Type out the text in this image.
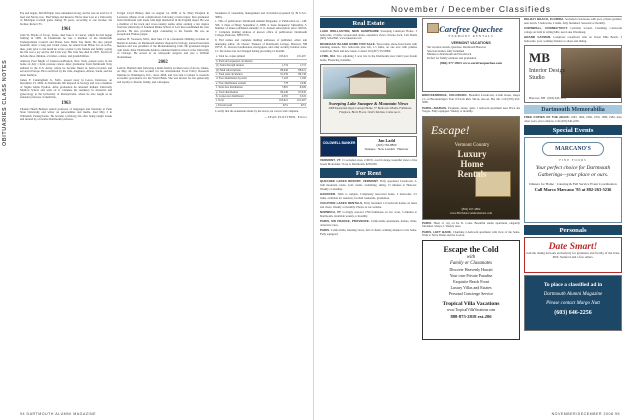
OBITUARIES CLASS NOTES

Fae and began, Jim Mclligan were uninamed strong, and he was an avid lot of feed and Nat he was . Bud Wings and Reserve. He he later Law at a University of Michigan football game during 30 years, according to one brother, his brother. Robert '35.

1961

John W. Hoyde of Troop, Texas, died June 6 of cancer, which he had begun battling in 1985. In Dartmouth he was a member of the Dartmouth Undergraduate Council and Bones Gate Delta Tau Delta. He also played baseball. After a long and varied career, he retired from Haber for an active, then, joint prior to his death he wrote a letter to his friends and family saying his life was a joy and he did it his way. His wife Sue died in 1997. Survivors include three children, a brother, a sister, and grandchildren.

Anthony Paul Might of Gideon-on-Hudson, New York, passed away in his home on July 1 from prostate cancer. After graduation from Dartmouth Tony enlisted in the U.S. Army, where he became fluent in Serbo-Croatian and served in Europe. He is survived by his wife, daughters, Alison, Sarah, and his sister Kathryn.

James F. Cunningham Jr., M.D., passed away in Lenox, Delaware, on December 23, 2006. At Dartmouth Jim majored in biology and was a member of Sigma Alpha Epsilon. After graduation he attended Indiana University Medical School and went on to complete his residency in obstetrics and gynecology at the University of Pennsylvania, where he also taught as an assistant professor of medicine.

1963

Thomas Heath Bennett retired professor of languages and literature at Penn State University and writer on personalities and media, died May 2 in Whitehall, Pennsylvania. He became a lifelong fan after being taught Greek and tutored by a favorite Dartmouth professor.

Tortgel Lloyd Bishop died on August 14, 2008, at St. Mary Hospital in Lewiston, Maine, from complications following a brain injury. Ron graduated from Dartmouth cum laude with high distinction in his English major. He was a member of the track and cross-country teams. After earning a law degree from the University of Southern Maine School of Law Ron established his own practice. He also provided legal counseling to his friends. He was an exceptional Frisbee player.

Andrew H. Swanson, M.D., died June 15 in a mountain climbing accident on Denali in Alaska. At Dartmouth Andrew majored in biology, earned honorable mention and was president of the Mountaineering Club. He graduated magna cum laude. After Dartmouth Andrew attended medical school at the University of Chicago. He served as an orthopedic surgeon and was a brilliant mountaineer.

2002

Leah K. Hamatti died following a multi-fatality accident west of Accra, Ghana, on May 24. She had worked for the International Food Policy Research Institute in Washington, D.C., since 2006, and was sent to Ghana to research economic governance for the World Bank. She was known for her generosity and loyalty to friends, family, and colleagues.

Statement of ownership, management and circulation (required by 39 U.S.C. 3685).

1. Title of publication: Dartmouth Alumni Magazine. 2. Publication no.: 148-560. 3. Date of filing: September 2, 2008. 4. Issue frequency: bimonthly. 5. Number of issues published annually: 6. 6. Annual subscription price: $29.95. 7. Complete mailing address of known office of publication: Dartmouth College, Hanover, NH 03755.

9. Full names and complete mailing addresses of publisher, editor and managing editor. 10. Owner: Trustees of Dartmouth College, Hanover, NH 03755. 11. Known bondholders, mortgagees, and other security holders: none. 12. Tax status: has not changed during preceding 12 months.

a. Total no. copies printed	103,621	101,267
b. Paid and requested circulation		
(1) Sales through dealers	1,719	1,715
(2) Mail subscriptions	89,640	88,021
c. Total paid circulation	91,359	89,736
d. Free distribution by mail	7,103	7,160
e. Free distribution outside	778	1,049
f. Total free distribution	7,881	8,209
g. Total distribution	99,240	97,945
h. Copies not distributed	4,381	3,322
i. Total	103,621	101,267
j. Percent paid	92%	92%

I certify that the statements made by me above are correct and complete.

—SEAN PLOTTNER, Editor
94 DARTMOUTH ALUMNI MAGAZINE
November / December Classifieds
Real Estate
LAKE WOLLASTON, NEW HAMPSHIRE Sweeping Lakefront Home. 3 bedrooms, 2 baths, wraparound decks, expansive views. Private dock. Call Sheila (603) 526-6560. www.lakeside.com
MOHEGAN ISLAND HOME FOR SALE. Year-round, shore-front home with stunning sunsets. Two bedrooms plus loft, 1.5 baths, on one acre with pristine waterfront. Barn and new sauna. Contact Jill (207) 372-8900.
LYME, NH. Two adjoining 5 acre lots in the Dartmouth area; build your dream home. Financing available.
Sweeping Lake Sunapee & Mountain Views
2008 Equestrian Open Concept Home. 5+ Bedroom 4 Baths. Fieldstone Fireplace, Birch Floors. Chef's Kitchen. Come see it.
COLDWELL BANKER	Jan Ladd
(603) 763-8800
Sunapee · New London · Hanover
VERMONT, VT. 15 secluded acres, 2,300 ft. road frontage, beautiful views of the Green Mountains. Close to Dartmouth. $239,000.
For Rent
QUECHEE LAKES RESORT, VERMONT. Fully appointed 3-bedroom, 3-bath mountain condo. Golf, tennis, swimming, skiing. 15 minutes to Hanover. Weekly or monthly.
HANOVER. Walk to campus. Completely renovated home, 4 bedrooms, 2.5 baths, available for reunions, football weekends, graduation.
VACATION LAKES RENTALS. Fully furnished 1-6 bedroom homes on lakes and rivers. Weekly or monthly. Photos at our website.
NORWICH, VT. Lovingly restored 1790 farmhouse on two acres, 5 minutes to Dartmouth. Available weekly or monthly.
PARIS, SW FRANCE, PROVENCE. Comfortable apartments, homes, villas. Attractive rates.
PARIS. Comfortable, amazing views, full of charm, walking distance to the Seine. Fully equipped.
Carefree Quechee
VERMONT RENTALS
VERMONT VACATIONS
Ski vacation rentals, Quechee, Dartmouth Hanover
Spacious homes, fully furnished
Minutes to Dartmouth and Woodstock
Perfect for family reunions and graduation
(866) 577-4963 www.carefreequechee.com
BRECKENRIDGE, COLORADO. Beautiful 4-bedroom, 4-bath house, sleeps 12, on Breckenridge's Four O'Clock Run. Ski-in, ski-out. Hot tub. Call (970) 453-5000.
PARIS—MARAIS. Exquisite, sunny, quiet, 1 bedroom apartment near Place des Vosges. Fully equipped. Weekly or monthly.
Escape!
Vermont Country
Luxury
Home
Rentals
(802) 457-4804
www.Birch4Accommodations.com
PARIS. Heart of city on Ile St. Louis. Beautiful studio apartment, elegantly furnished. Sleeps 2. Weekly rates.
PARIS, LEFT BANK. Charming 2-bedroom apartment with view of the Seine. Walk to Notre Dame and the Louvre.
Escape the Cold
with
Family or Classmates
Discover Heavenly Hawaii
Your own Private Paradise
Exquisite Beach Front
Luxury Villas and Estates
Personal Concierge Service
Tropical Villa Vacations
www.TropicalVillaVacations.com
888-875-2818 ext.206
DELRAY BEACH, FLORIDA. Secluded town-house with pool, private gardens; near beach. 3 bedrooms, 2 baths, fully furnished. Seasonal or monthly.
CORNWALL, CONNECTICUT. Centrally located. Charming 1-bedroom cottage on farm in rolling hills, near Lake Waramaug.
GRAND CAYMAN. Luxurious oceanfront villa on Seven Mile Beach, 3 bedrooms, pool, walking distance to shops and dining.
MB
Interior Design Studio
Hanover, NH · (603) 643-1010
Dartmouth Memorabilia
FREE COPIES OF THE AEGIS: 1963, 1964, 1969, 1976, 1980, 1982. Also other years, prior editions. Call (603) 646-2256.
Special Events
MARCANO'S
FINE FOODS
Your perfect choice for Dartmouth Gatherings—your place or ours.
Dinners for Home · Catering & Full Service Event Coordination
Call Marco Marcano '95 at 802-263-5236
Personals
Date Smart!
Join the dating network exclusively for graduates and faculty of the Ivies, MIT, Stanford and a few others.
To place a classified ad in
Dartmouth Alumni Magazine
Please contact Margo Nutt
(603) 646-2256
NOVEMBER/DECEMBER 2008 95
